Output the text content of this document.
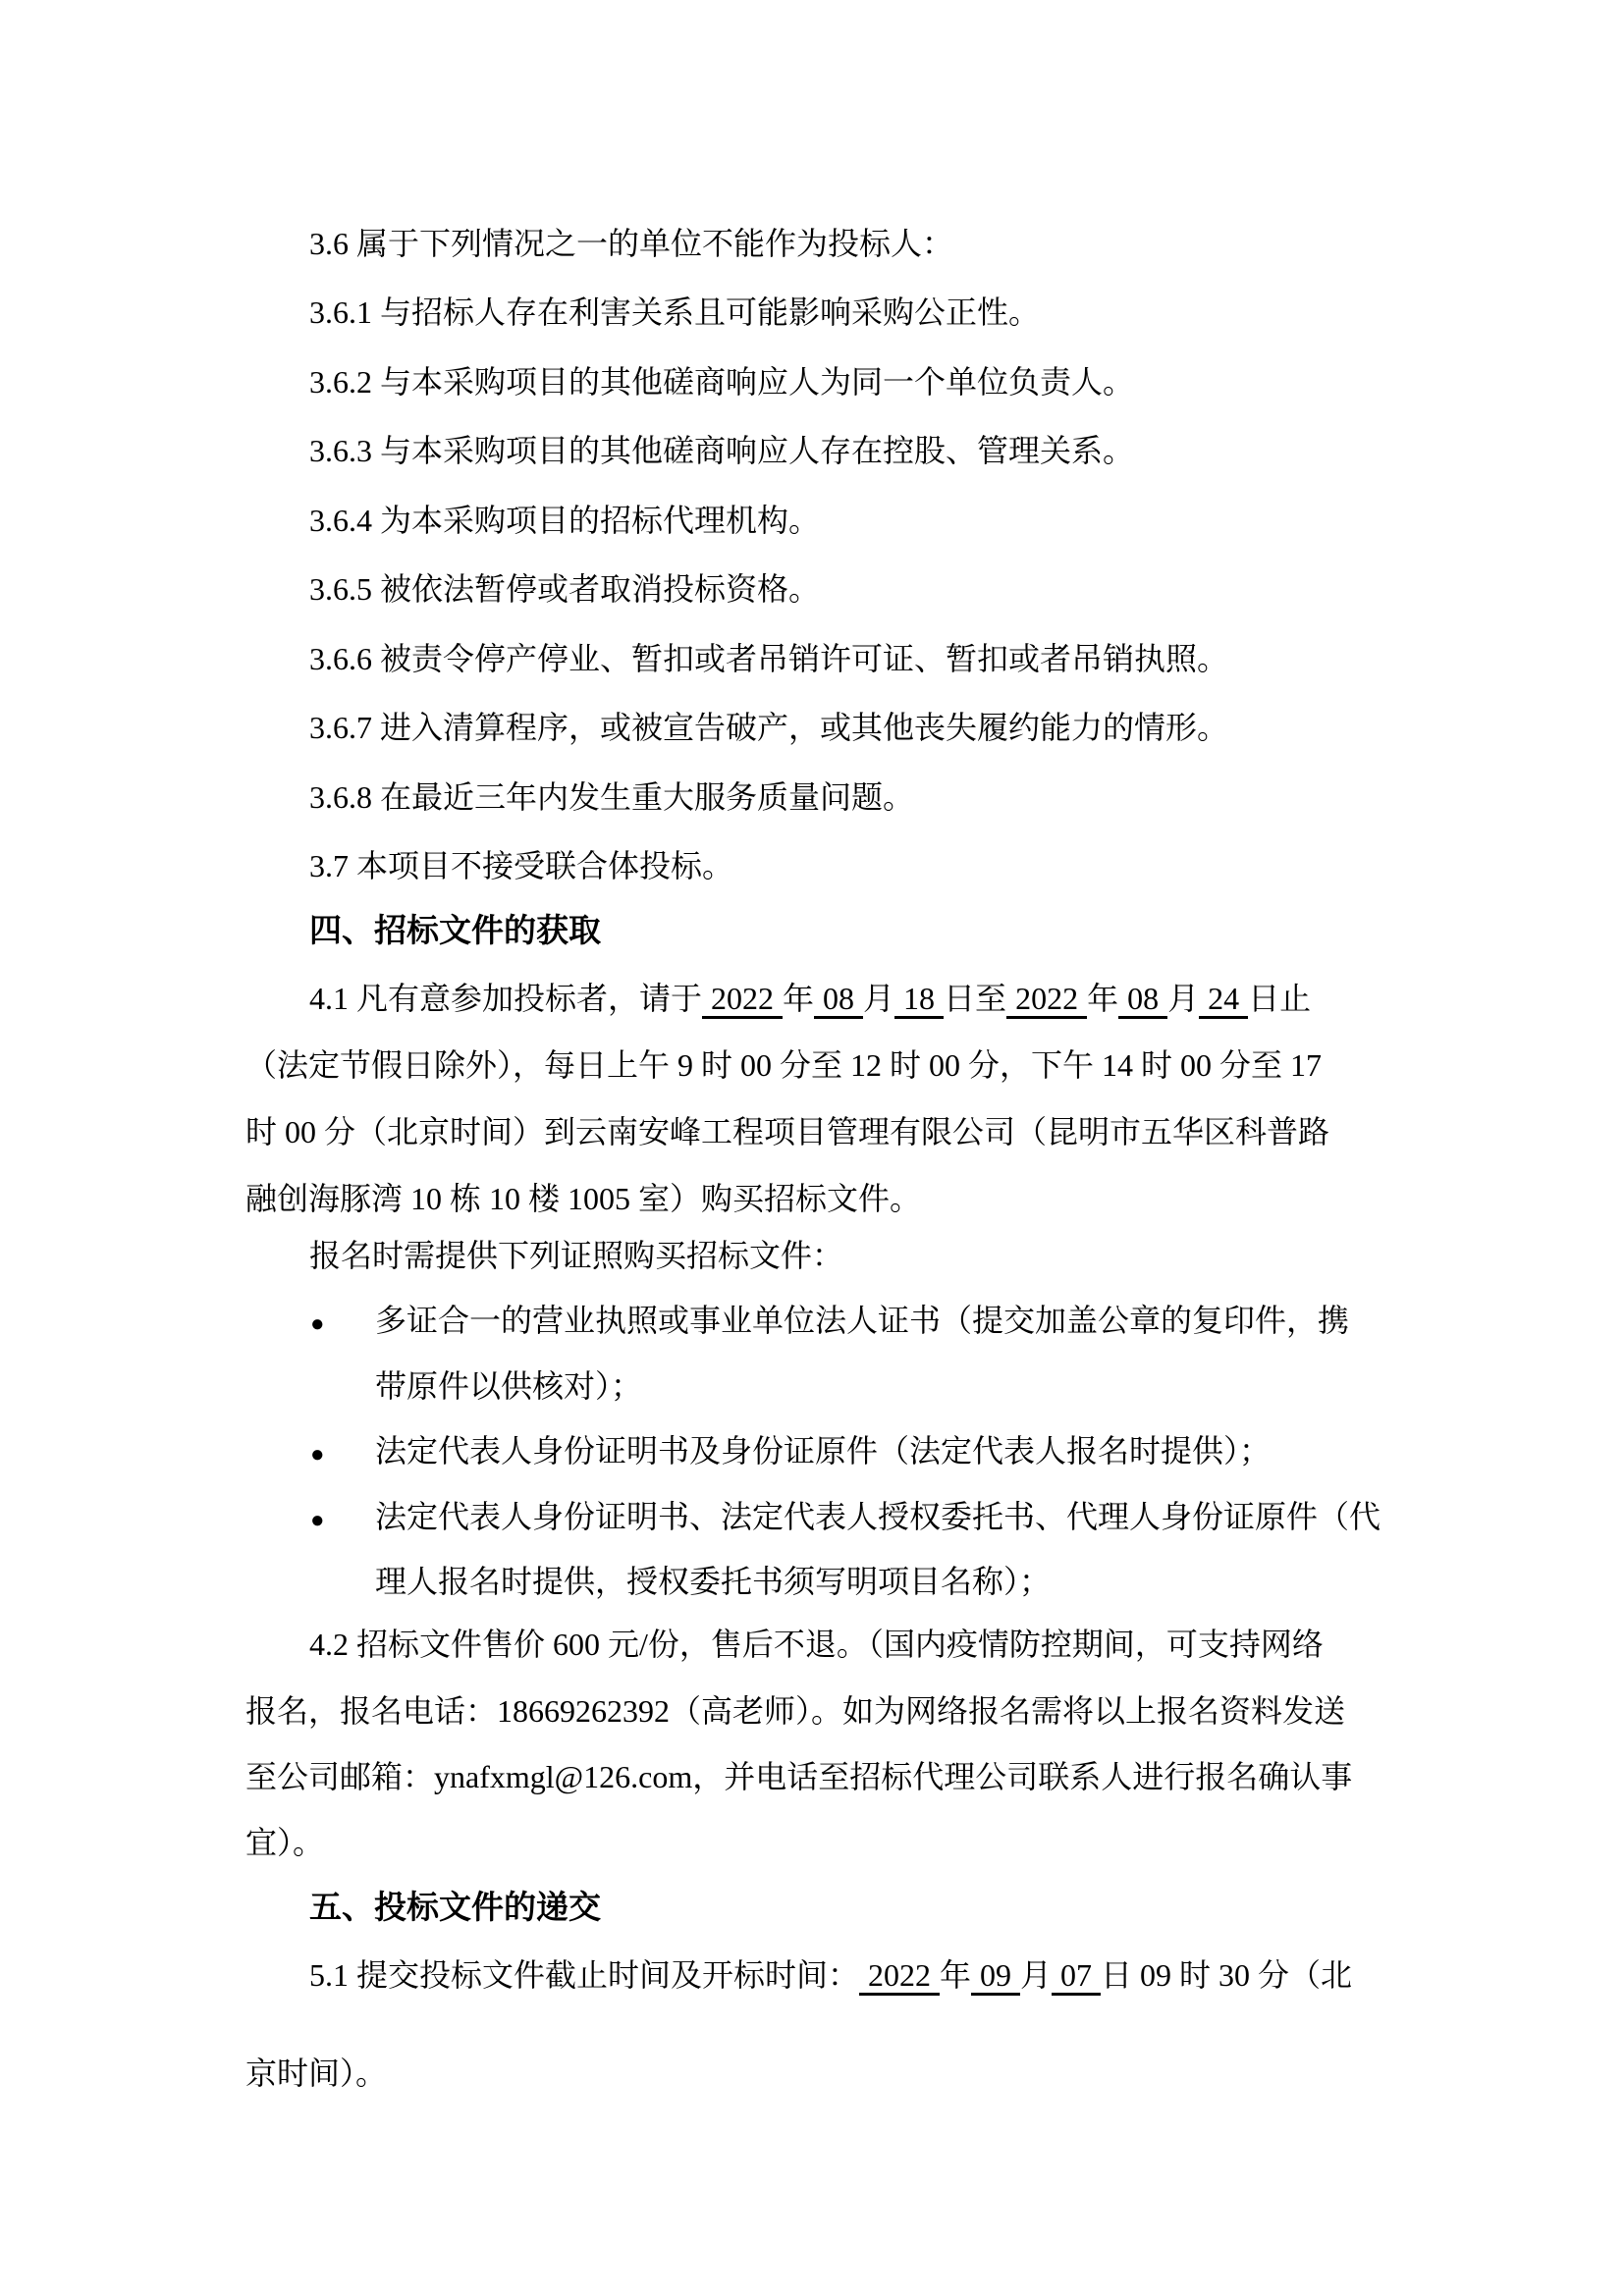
3.6 属于下列情况之一的单位不能作为投标人：
3.6.1 与招标人存在利害关系且可能影响采购公正性。
3.6.2 与本采购项目的其他磋商响应人为同一个单位负责人。
3.6.3 与本采购项目的其他磋商响应人存在控股、管理关系。
3.6.4 为本采购项目的招标代理机构。
3.6.5 被依法暂停或者取消投标资格。
3.6.6 被责令停产停业、暂扣或者吊销许可证、暂扣或者吊销执照。
3.6.7 进入清算程序，或被宣告破产，或其他丧失履约能力的情形。
3.6.8 在最近三年内发生重大服务质量问题。
3.7 本项目不接受联合体投标。
四、招标文件的获取
4.1 凡有意参加投标者，请于 2022 年 08 月 18 日至 2022 年 08 月 24 日止
（法定节假日除外），每日上午 9 时 00 分至 12 时 00 分，下午 14 时 00 分至 17
时 00 分（北京时间）到云南安峰工程项目管理有限公司（昆明市五华区科普路
融创海豚湾 10 栋 10 楼 1005 室）购买招标文件。
报名时需提供下列证照购买招标文件：
● 多证合一的营业执照或事业单位法人证书（提交加盖公章的复印件，携
带原件以供核对）；
● 法定代表人身份证明书及身份证原件（法定代表人报名时提供）；
● 法定代表人身份证明书、法定代表人授权委托书、代理人身份证原件（代
理人报名时提供，授权委托书须写明项目名称）；
4.2 招标文件售价 600 元/份，售后不退。（国内疫情防控期间，可支持网络
报名，报名电话：18669262392（高老师）。如为网络报名需将以上报名资料发送
至公司邮箱：ynafxmgl@126.com，并电话至招标代理公司联系人进行报名确认事
宜）。
五、投标文件的递交
5.1 提交投标文件截止时间及开标时间： 2022 年 09 月 07 日 09 时 30 分（北
京时间）。
